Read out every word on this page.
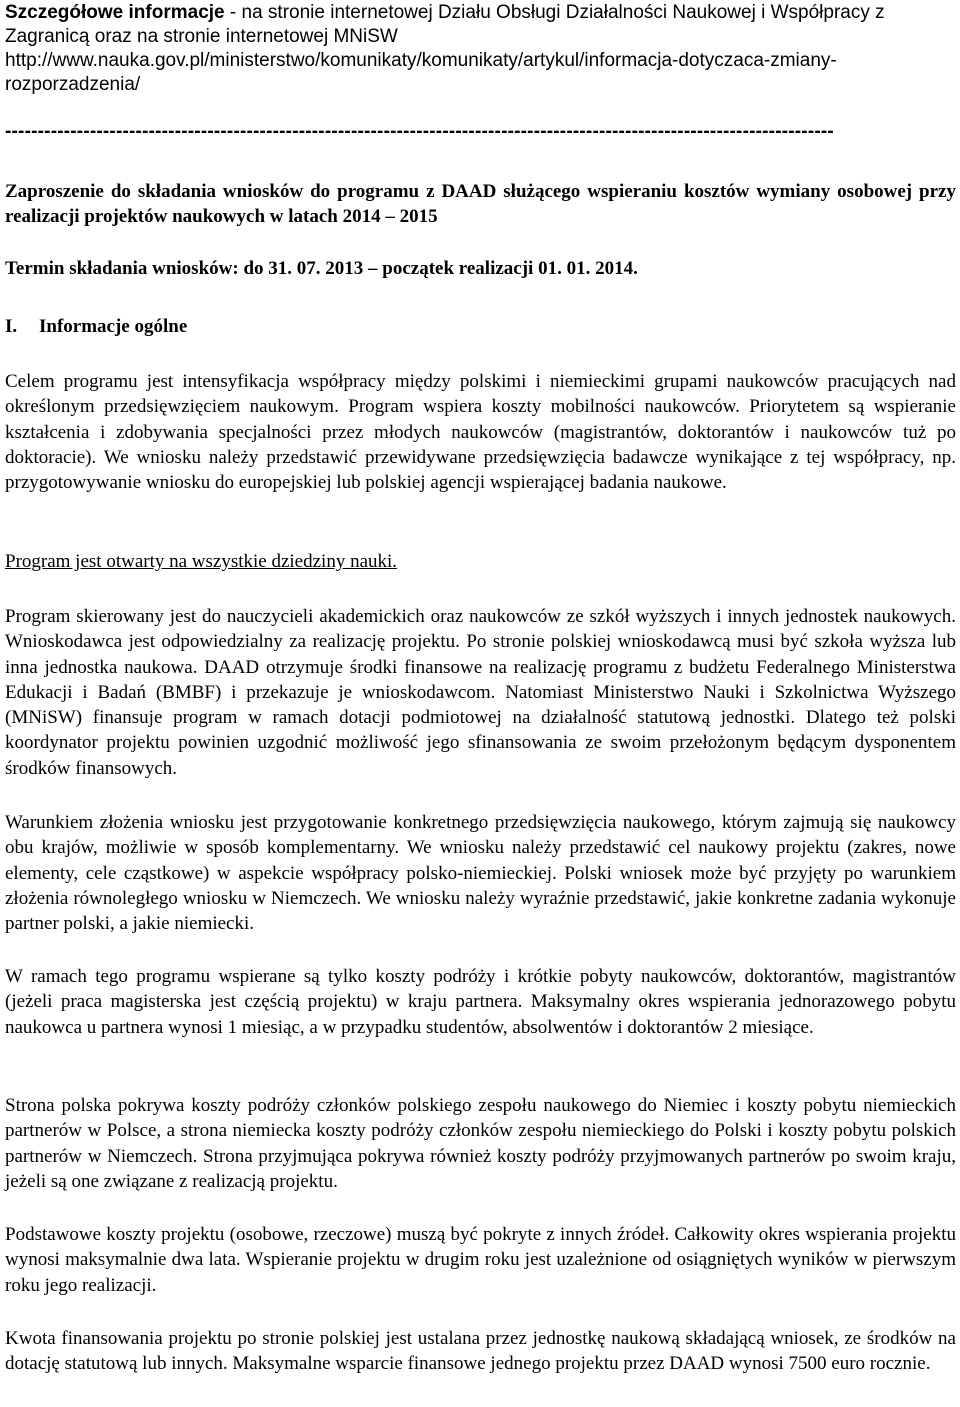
Szczegółowe informacje - na stronie internetowej Działu Obsługi Działalności Naukowej i Współpracy z Zagranicą oraz na stronie internetowej MNiSW
http://www.nauka.gov.pl/ministerstwo/komunikaty/komunikaty/artykul/informacja-dotyczaca-zmiany-rozporzadzenia/

-------------------------------------------------------------------------------------------------------------------------------

Zaproszenie do składania wniosków do programu z DAAD służącego wspieraniu kosztów wymiany osobowej przy realizacji projektów naukowych w latach 2014 – 2015

Termin składania wniosków: do 31. 07. 2013 – początek realizacji 01. 01. 2014.

I. Informacje ogólne

Celem programu jest intensyfikacja współpracy między polskimi i niemieckimi grupami naukowców pracujących nad określonym przedsięwzięciem naukowym. Program wspiera koszty mobilności naukowców. Priorytetem są wspieranie kształcenia i zdobywania specjalności przez młodych naukowców (magistrantów, doktorantów i naukowców tuż po doktoracie). We wniosku należy przedstawić przewidywane przedsięwzięcia badawcze wynikające z tej współpracy, np. przygotowywanie wniosku do europejskiej lub polskiej agencji wspierającej badania naukowe.

Program jest otwarty na wszystkie dziedziny nauki.

Program skierowany jest do nauczycieli akademickich oraz naukowców ze szkół wyższych i innych jednostek naukowych. Wnioskodawca jest odpowiedzialny za realizację projektu. Po stronie polskiej wnioskodawcą musi być szkoła wyższa lub inna jednostka naukowa. DAAD otrzymuje środki finansowe na realizację programu z budżetu Federalnego Ministerstwa Edukacji i Badań (BMBF) i przekazuje je wnioskodawcom. Natomiast Ministerstwo Nauki i Szkolnictwa Wyższego (MNiSW) finansuje program w ramach dotacji podmiotowej na działalność statutową jednostki. Dlatego też polski koordynator projektu powinien uzgodnić możliwość jego sfinansowania ze swoim przełożonym będącym dysponentem środków finansowych.

Warunkiem złożenia wniosku jest przygotowanie konkretnego przedsięwzięcia naukowego, którym zajmują się naukowcy obu krajów, możliwie w sposób komplementarny. We wniosku należy przedstawić cel naukowy projektu (zakres, nowe elementy, cele cząstkowe) w aspekcie współpracy polsko-niemieckiej. Polski wniosek może być przyjęty po warunkiem złożenia równoległego wniosku w Niemczech. We wniosku należy wyraźnie przedstawić, jakie konkretne zadania wykonuje partner polski, a jakie niemiecki.

W ramach tego programu wspierane są tylko koszty podróży i krótkie pobyty naukowców, doktorantów, magistrantów (jeżeli praca magisterska jest częścią projektu) w kraju partnera. Maksymalny okres wspierania jednorazowego pobytu naukowca u partnera wynosi 1 miesiąc, a w przypadku studentów, absolwentów i doktorantów 2 miesiące.

Strona polska pokrywa koszty podróży członków polskiego zespołu naukowego do Niemiec i koszty pobytu niemieckich partnerów w Polsce, a strona niemiecka koszty podróży członków zespołu niemieckiego do Polski i koszty pobytu polskich partnerów w Niemczech. Strona przyjmująca pokrywa również koszty podróży przyjmowanych partnerów po swoim kraju, jeżeli są one związane z realizacją projektu.

Podstawowe koszty projektu (osobowe, rzeczowe) muszą być pokryte z innych źródeł. Całkowity okres wspierania projektu wynosi maksymalnie dwa lata. Wspieranie projektu w drugim roku jest uzależnione od osiągniętych wyników w pierwszym roku jego realizacji.

Kwota finansowania projektu po stronie polskiej jest ustalana przez jednostkę naukową składającą wniosek, ze środków na dotację statutową lub innych. Maksymalne wsparcie finansowe jednego projektu przez DAAD wynosi 7500 euro rocznie.
